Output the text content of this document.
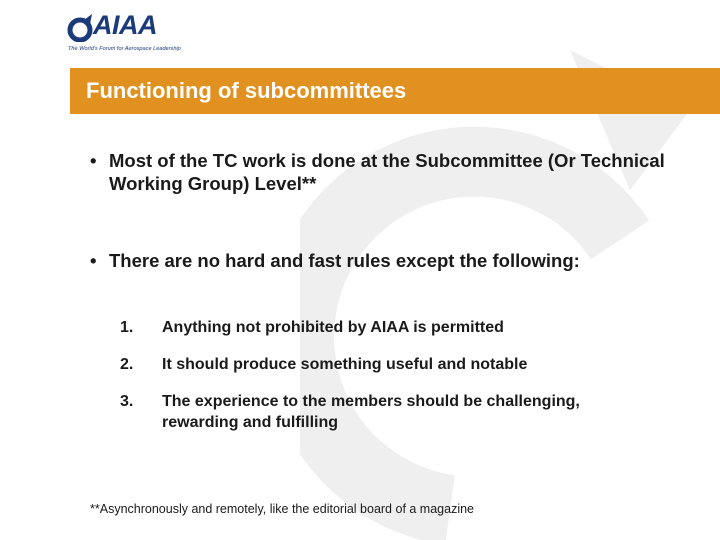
AIAA
The World's Forum for Aerospace Leadership
Functioning of subcommittees
• Most of the TC work is done at the Subcommittee (Or Technical Working Group) Level**
• There are no hard and fast rules except the following:
1. Anything not prohibited by AIAA is permitted
2. It should produce something useful and notable
3. The experience to the members should be challenging, rewarding and fulfilling
**Asynchronously and remotely, like the editorial board of a magazine
